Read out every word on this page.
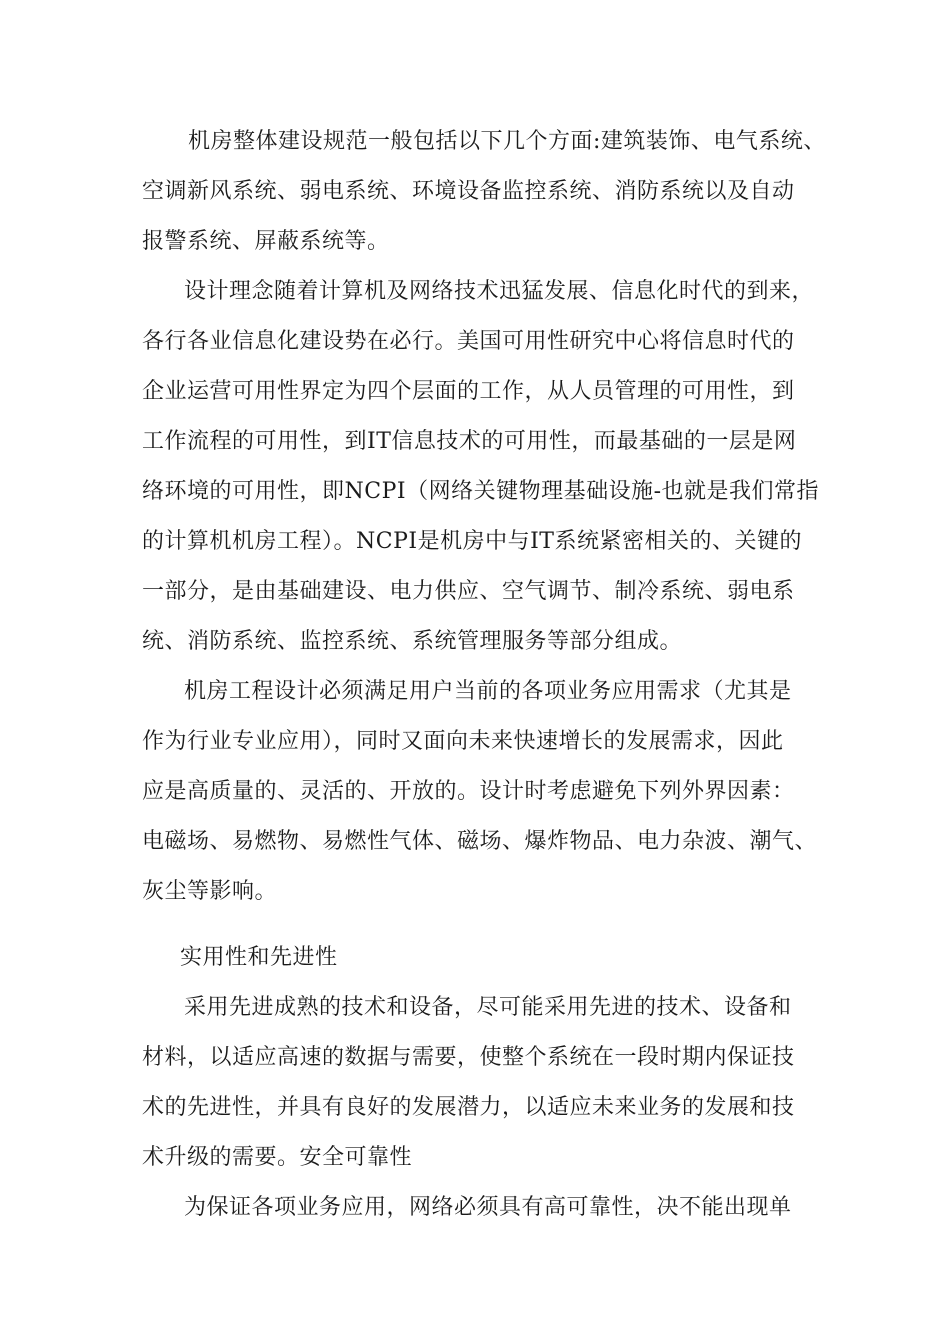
机房整体建设规范一般包括以下几个方面:建筑装饰、电气系统、
空调新风系统、弱电系统、环境设备监控系统、消防系统以及自动
报警系统、屏蔽系统等。
设计理念随着计算机及网络技术迅猛发展、信息化时代的到来，
各行各业信息化建设势在必行。美国可用性研究中心将信息时代的
企业运营可用性界定为四个层面的工作，从人员管理的可用性，到
工作流程的可用性，到IT信息技术的可用性，而最基础的一层是网
络环境的可用性，即NCPI（网络关键物理基础设施-也就是我们常指
的计算机机房工程）。NCPI是机房中与IT系统紧密相关的、关键的
一部分，是由基础建设、电力供应、空气调节、制冷系统、弱电系
统、消防系统、监控系统、系统管理服务等部分组成。
机房工程设计必须满足用户当前的各项业务应用需求（尤其是
作为行业专业应用），同时又面向未来快速增长的发展需求，因此
应是高质量的、灵活的、开放的。设计时考虑避免下列外界因素：
电磁场、易燃物、易燃性气体、磁场、爆炸物品、电力杂波、潮气、
灰尘等影响。
实用性和先进性
采用先进成熟的技术和设备，尽可能采用先进的技术、设备和
材料，以适应高速的数据与需要，使整个系统在一段时期内保证技
术的先进性，并具有良好的发展潜力，以适应未来业务的发展和技
术升级的需要。安全可靠性
为保证各项业务应用，网络必须具有高可靠性，决不能出现单
